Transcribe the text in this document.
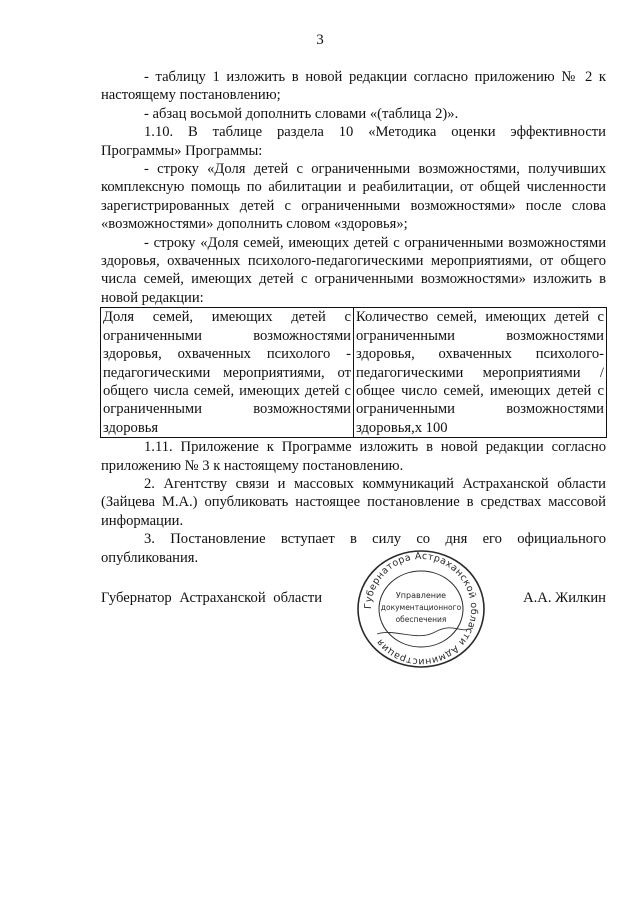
3

- таблицу 1 изложить в новой редакции согласно приложению № 2 к настоящему постановлению;

- абзац восьмой дополнить словами «(таблица 2)».

1.10. В таблице раздела 10 «Методика оценки эффективности Программы» Программы:

- строку «Доля детей с ограниченными возможностями, получивших комплексную помощь по абилитации и реабилитации, от общей численности зарегистрированных детей с ограниченными возможностями» после слова «возможностями» дополнить словом «здоровья»;

- строку «Доля семей, имеющих детей с ограниченными возможностями здоровья, охваченных психолого-педагогическими мероприятиями, от общего числа семей, имеющих детей с ограниченными возможностями» изложить в новой редакции:

Доля семей, имеющих детей с ограниченными возможностями здоровья, охваченных психолого - педагогическими мероприятиями, от общего числа семей, имеющих детей с ограниченными возможностями здоровья	Количество семей, имеющих детей с ограниченными возможностями здоровья, охваченных психолого-педагогическими мероприятиями / общее число семей, имеющих детей с ограниченными возможностями здоровья,х 100

1.11. Приложение к Программе изложить в новой редакции согласно приложению № 3 к настоящему постановлению.

2. Агентству связи и массовых коммуникаций Астраханской области (Зайцева М.А.) опубликовать настоящее постановление в средствах массовой информации.

3. Постановление вступает в силу со дня его официального опубликования.

Губернатор Астраханской области	А.А. Жилкин
Губернатора Астраханской области Администрация
Управление
документационного
обеспечения
